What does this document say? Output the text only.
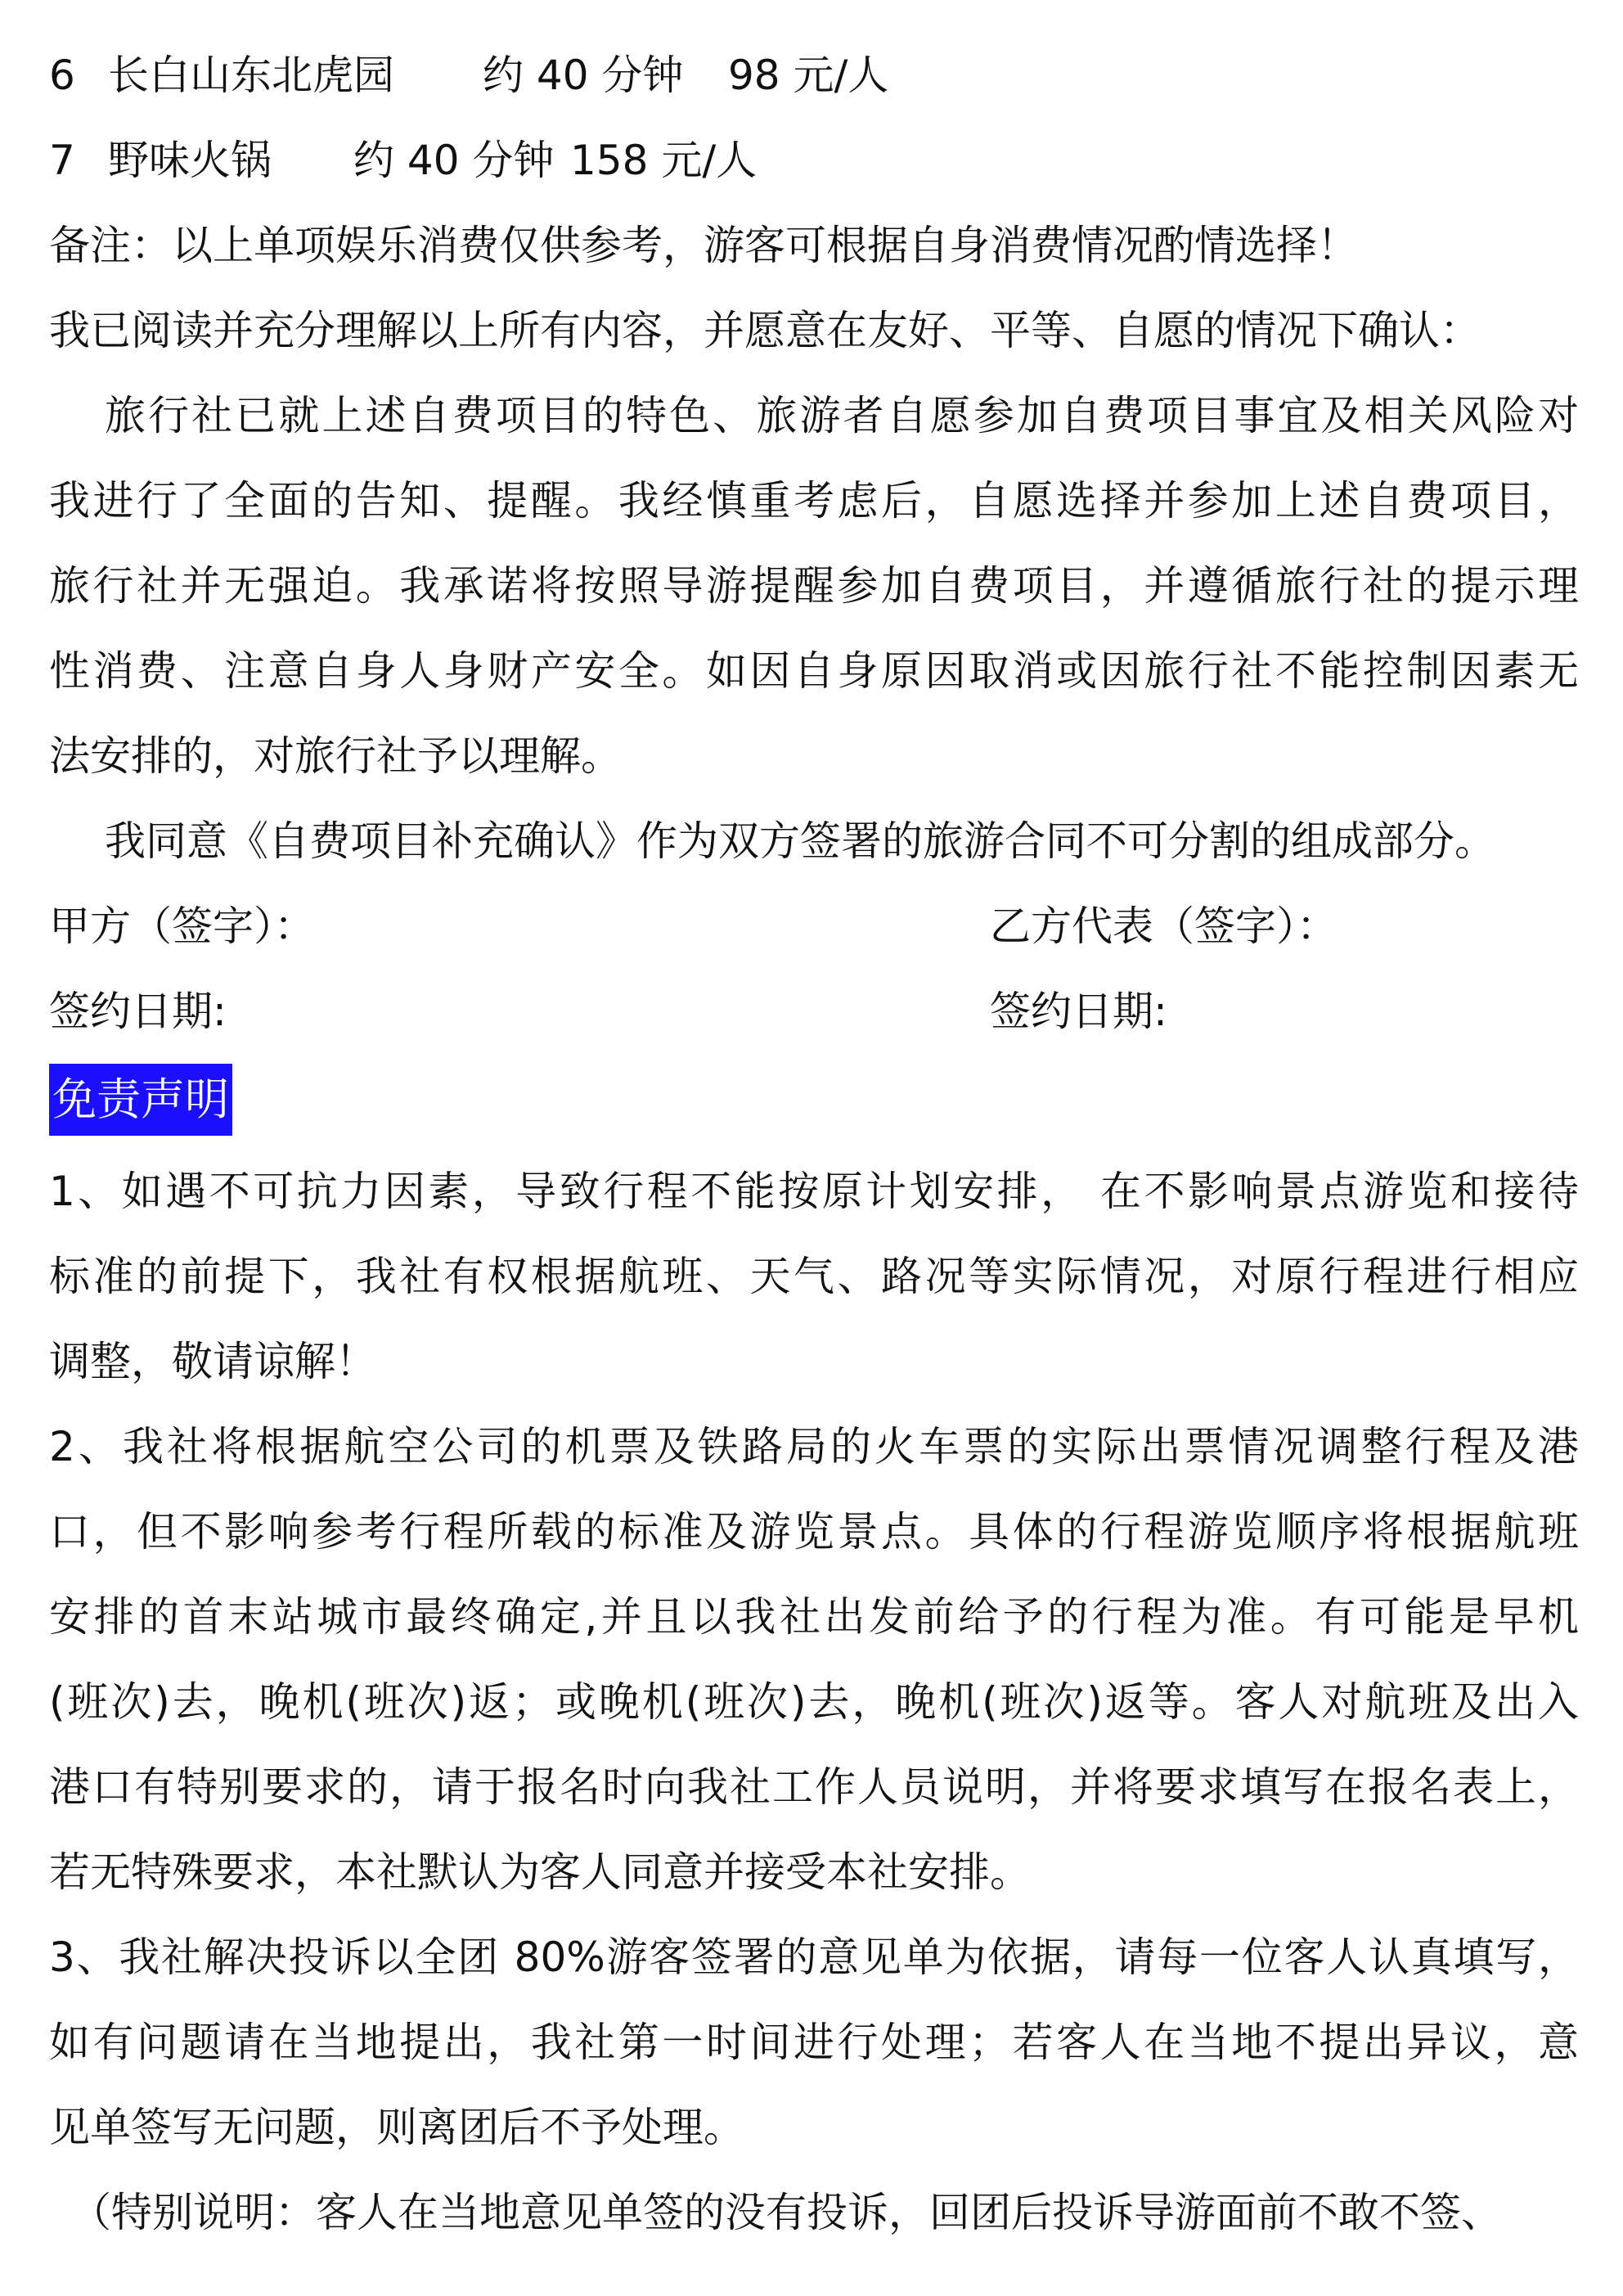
6 长白山东北虎园 约 40 分钟 98 元/人
7 野味火锅 约 40 分钟 158 元/人
备注：以上单项娱乐消费仅供参考，游客可根据自身消费情况酌情选择！
我已阅读并充分理解以上所有内容，并愿意在友好、平等、自愿的情况下确认：
旅行社已就上述自费项目的特色、旅游者自愿参加自费项目事宜及相关风险对
我进行了全面的告知、提醒。我经慎重考虑后，自愿选择并参加上述自费项目，
旅行社并无强迫。我承诺将按照导游提醒参加自费项目，并遵循旅行社的提示理
性消费、注意自身人身财产安全。如因自身原因取消或因旅行社不能控制因素无
法安排的，对旅行社予以理解。
我同意《自费项目补充确认》作为双方签署的旅游合同不可分割的组成部分。
甲方（签字）：	乙方代表（签字）：
签约日期:	签约日期:
免责声明
1、如遇不可抗力因素，导致行程不能按原计划安排， 在不影响景点游览和接待
标准的前提下，我社有权根据航班、天气、路况等实际情况，对原行程进行相应
调整，敬请谅解！
2、我社将根据航空公司的机票及铁路局的火车票的实际出票情况调整行程及港
口，但不影响参考行程所载的标准及游览景点。具体的行程游览顺序将根据航班
安排的首末站城市最终确定,并且以我社出发前给予的行程为准。有可能是早机
(班次)去，晚机(班次)返；或晚机(班次)去，晚机(班次)返等。客人对航班及出入
港口有特别要求的，请于报名时向我社工作人员说明，并将要求填写在报名表上，
若无特殊要求，本社默认为客人同意并接受本社安排。
3、我社解决投诉以全团 80%游客签署的意见单为依据，请每一位客人认真填写，
如有问题请在当地提出，我社第一时间进行处理；若客人在当地不提出异议，意
见单签写无问题，则离团后不予处理。
（特别说明：客人在当地意见单签的没有投诉，回团后投诉导游面前不敢不签、
